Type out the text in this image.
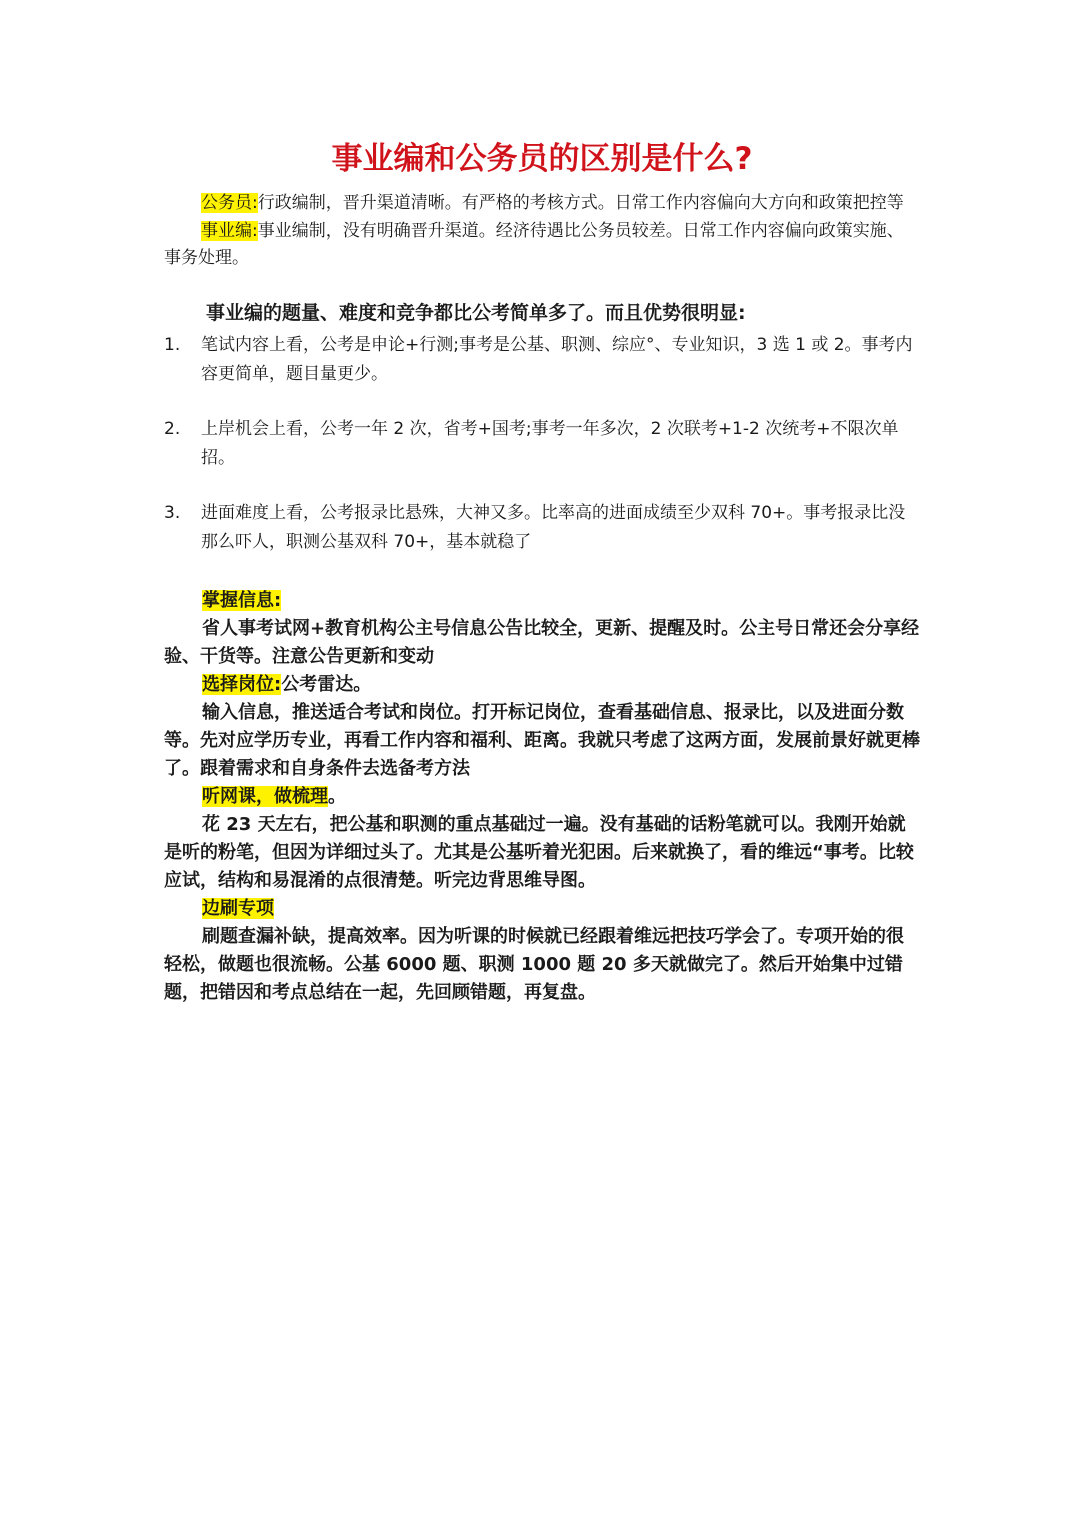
事业编和公务员的区别是什么?

公务员:行政编制，晋升渠道清晰。有严格的考核方式。日常工作内容偏向大方向和政策把控等

事业编:事业编制，没有明确晋升渠道。经济待遇比公务员较差。日常工作内容偏向政策实施、事务处理。

事业编的题量、难度和竞争都比公考简单多了。而且优势很明显:

1.	笔试内容上看，公考是申论+行测;事考是公基、职测、综应°、专业知识，3 选 1 或 2。事考内容更简单，题目量更少。
2.	上岸机会上看，公考一年 2 次，省考+国考;事考一年多次，2 次联考+1-2 次统考+不限次单招。
3.	进面难度上看，公考报录比悬殊，大神又多。比率高的进面成绩至少双科 70+。事考报录比没那么吓人，职测公基双科 70+，基本就稳了

掌握信息:

省人事考试网+教育机构公主号信息公告比较全，更新、提醒及时。公主号日常还会分享经验、干货等。注意公告更新和变动

选择岗位:公考雷达。

输入信息，推送适合考试和岗位。打开标记岗位，查看基础信息、报录比，以及进面分数等。先对应学历专业，再看工作内容和福利、距离。我就只考虑了这两方面，发展前景好就更棒了。跟着需求和自身条件去选备考方法

听网课，做梳理。

花 23 天左右，把公基和职测的重点基础过一遍。没有基础的话粉笔就可以。我刚开始就是听的粉笔，但因为详细过头了。尤其是公基听着光犯困。后来就换了，看的维远“事考。比较应试，结构和易混淆的点很清楚。听完边背思维导图。

边刷专项

刷题查漏补缺，提高效率。因为听课的时候就已经跟着维远把技巧学会了。专项开始的很轻松，做题也很流畅。公基 6000 题、职测 1000 题 20 多天就做完了。然后开始集中过错题，把错因和考点总结在一起，先回顾错题，再复盘。
